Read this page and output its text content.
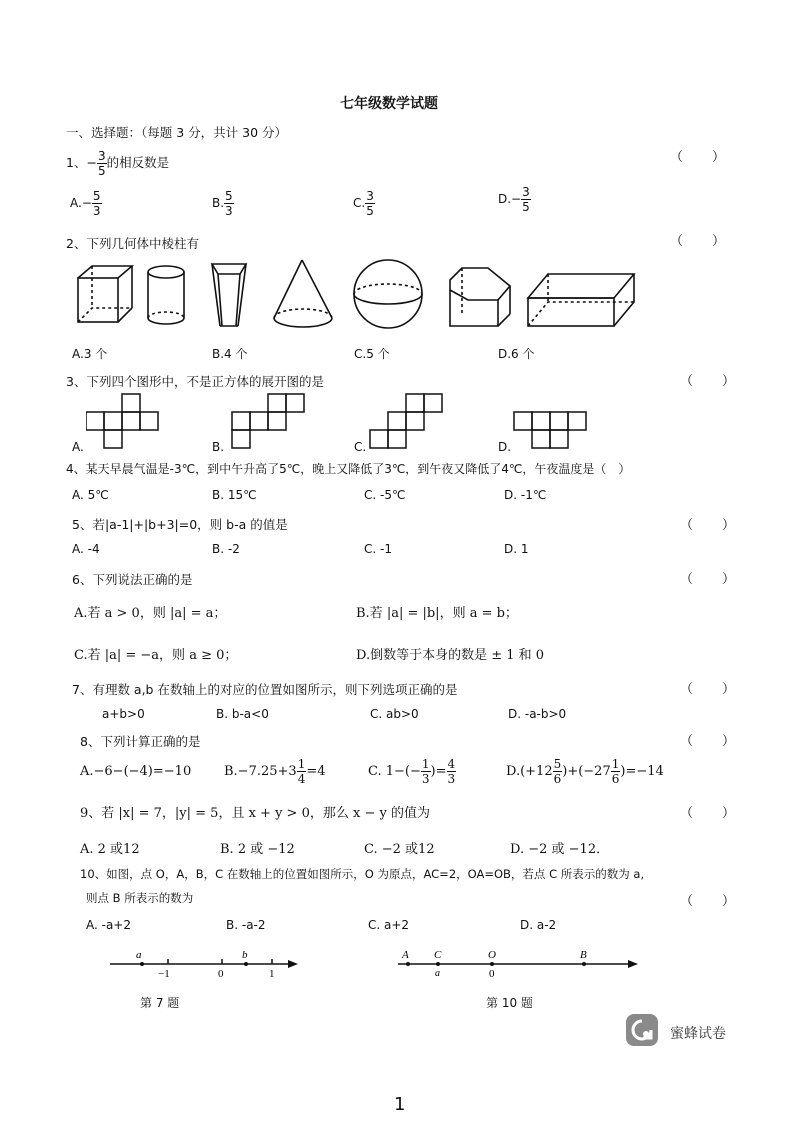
七年级数学试题
一、选择题：（每题 3 分，共计 30 分）
1、− $\frac{3}{5}$ 的相反数是	（　　）
$A.- \frac{5}{3}$	B. $\frac{5}{3}$	C. $\frac{3}{5}$	$D.- \frac{3}{5}$
2、下列几何体中棱柱有	（　　）
A.3 个	B.4 个	C.5 个	D.6 个
3、下列四个图形中，不是正方体的展开图的是	（　　）
A.	B.	C.	D.
4、某天早晨气温是-3℃，到中午升高了5℃，晚上又降低了3℃，到午夜又降低了4℃，午夜温度是（　）
A. 5℃	B. 15℃	C. -5℃	D. -1℃
5、若|a-1|+|b+3|=0，则 b-a 的值是	（　　）
A. -4	B. -2	C. -1	D. 1
6、下列说法正确的是	（　　）
A.若 a > 0，则 |a| = a；	B.若 |a| = |b|，则 a = b；
C.若 |a| = −a，则 a ≥ 0；	D.倒数等于本身的数是 ± 1 和 0
7、有理数 a,b 在数轴上的对应的位置如图所示，则下列选项正确的是	（　　）
a+b>0	B. b-a<0	C. ab>0	D. -a-b>0
8、下列计算正确的是	（　　）
A.−6−(−4)=−10	$B.-7.25+3 \frac{1}{4} =4$	C. $1-(- \frac{1}{3}$ )= $\frac{4}{3}$	$D.(+12 \frac{5}{6} )+(-27 \frac{1}{6} )=-14$
9、若 |x| = 7，|y| = 5，且 x + y > 0，那么 x − y 的值为	（　　）
A. 2 或12	B. 2 或 −12	C. −2 或12	D. −2 或 −12．
10、如图，点 O，A，B，C 在数轴上的位置如图所示，O 为原点，AC=2，OA=OB，若点 C 所表示的数为 a,
则点 B 所表示的数为	（　　）
A. -a+2	B. -a-2	C. a+2	D. a-2
a	b
−1	0	1
第 7 题
A C	O	B
a	0
第 10 题
蜜蜂试卷
1
